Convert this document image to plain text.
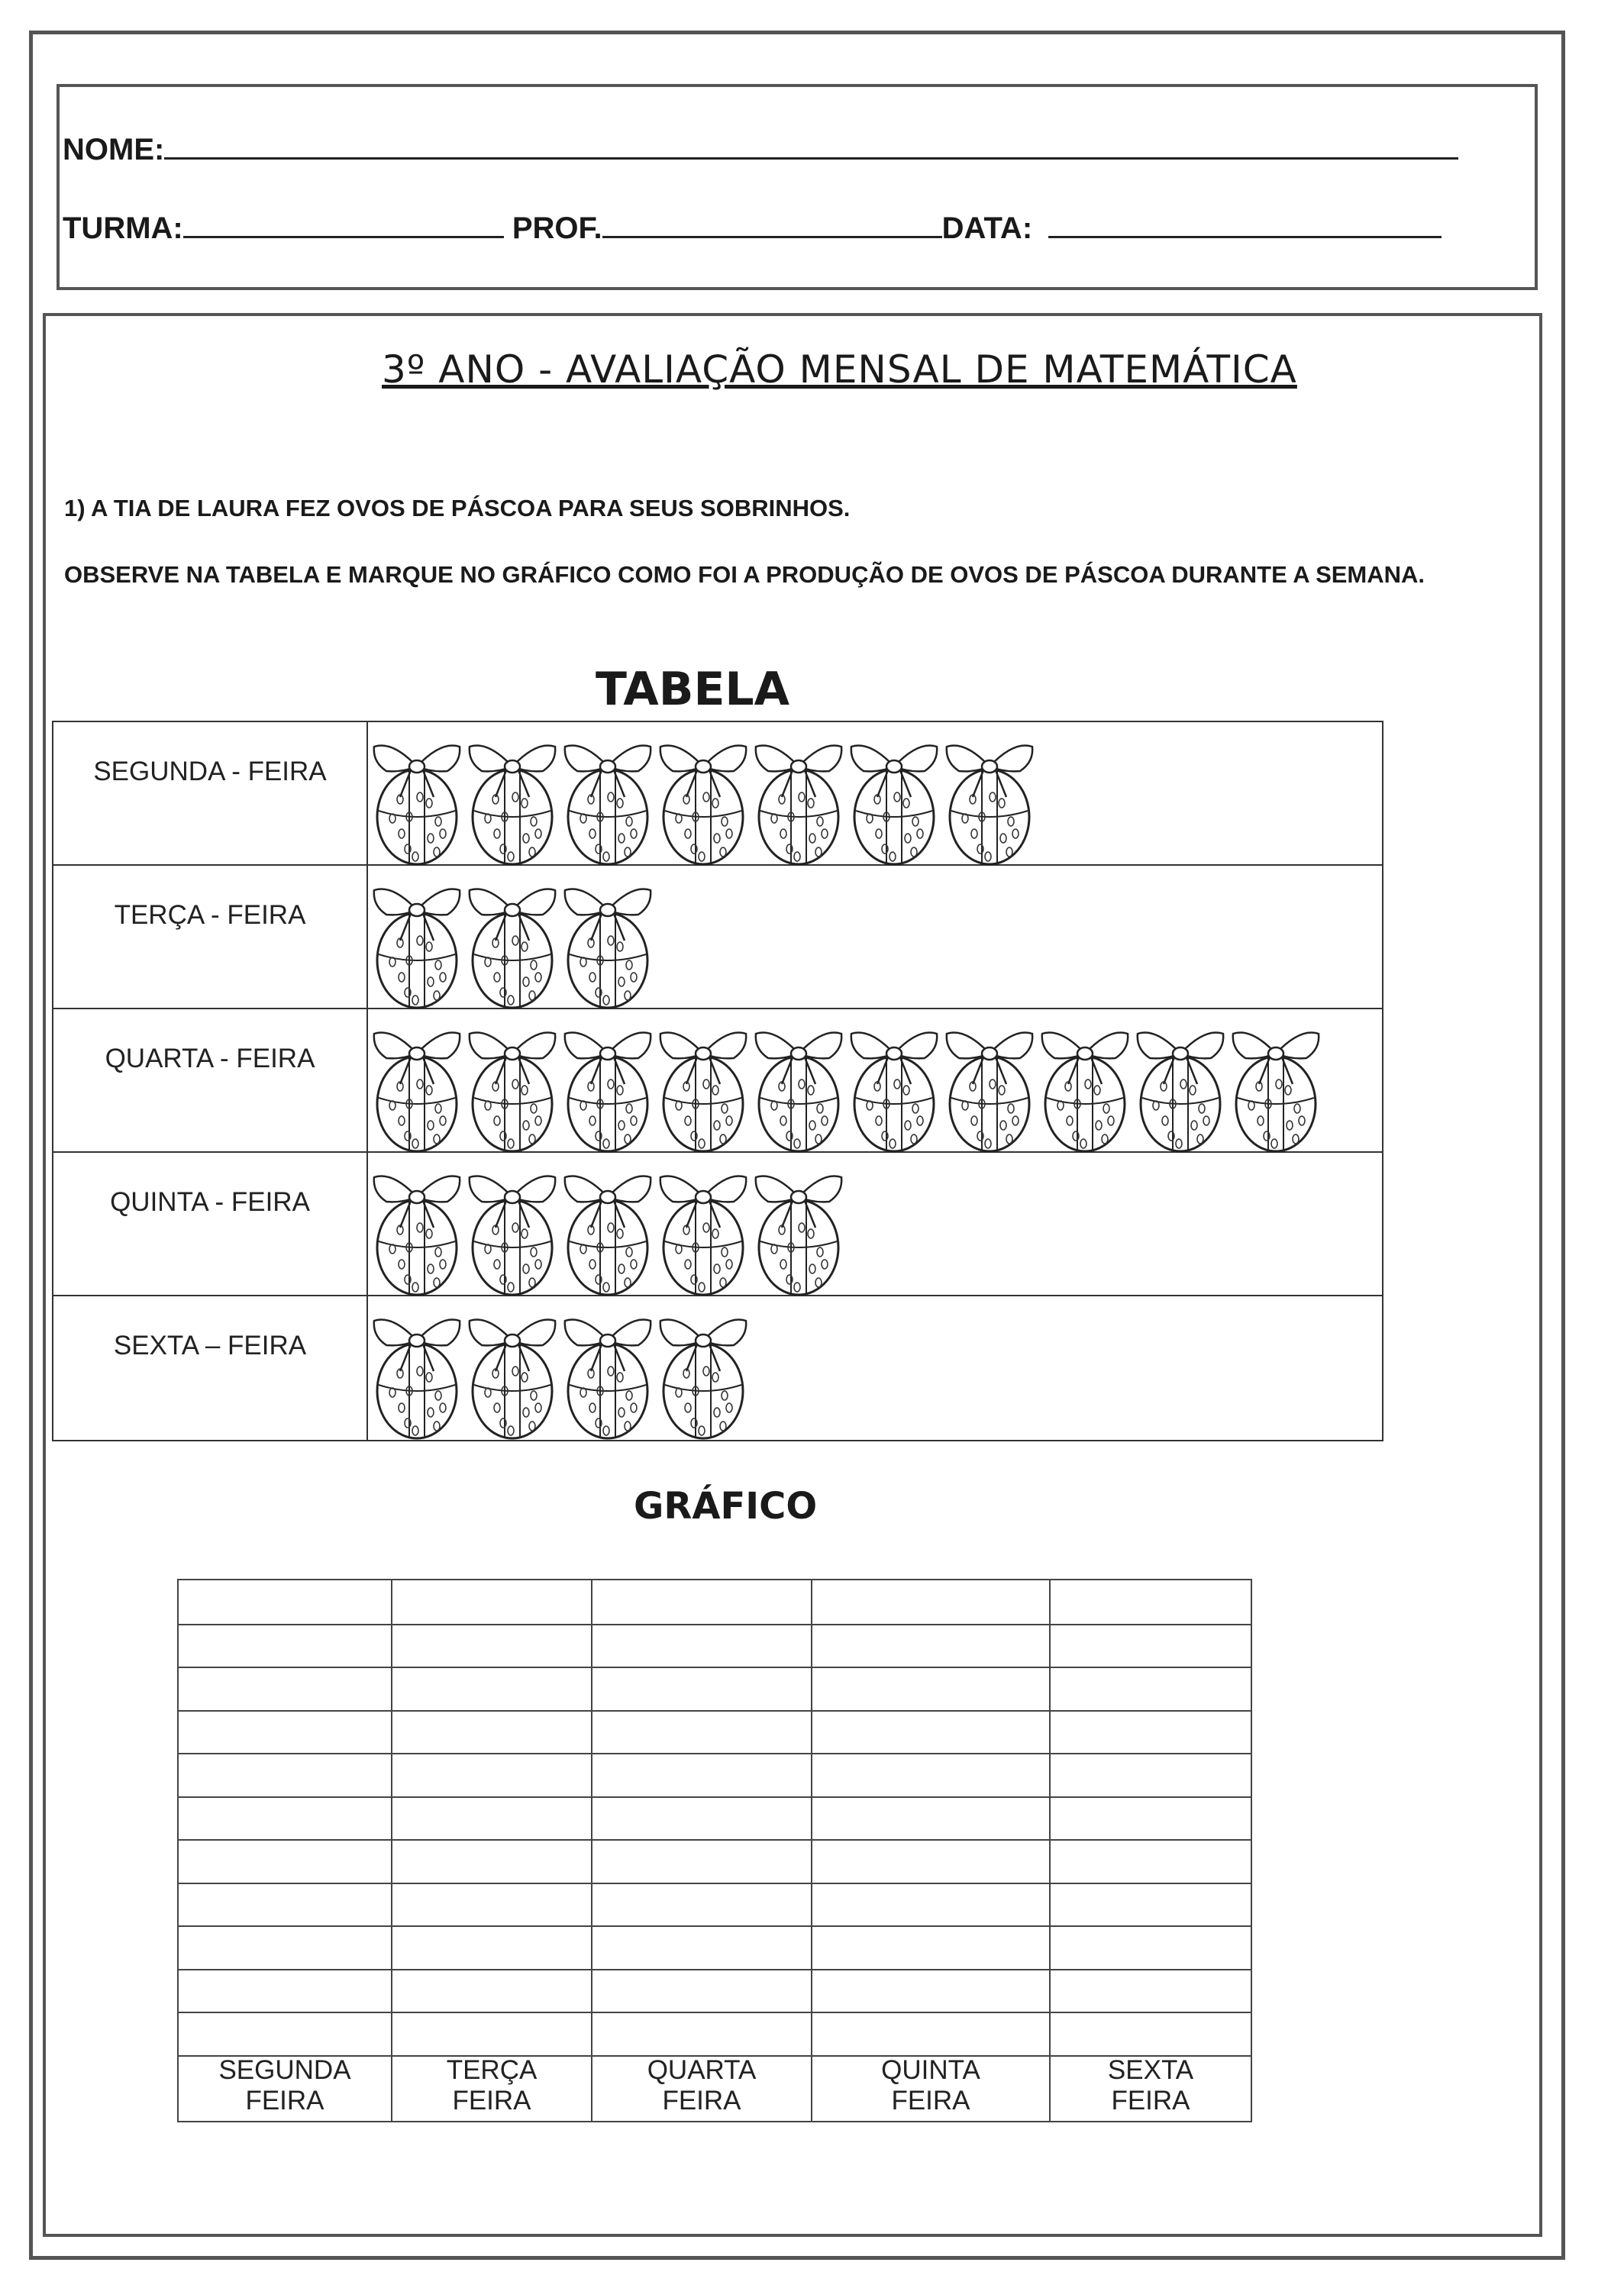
NOME:
TURMA:	PROF.	DATA:
3º ANO - AVALIAÇÃO MENSAL DE MATEMÁTICA
1) A TIA DE LAURA FEZ OVOS DE PÁSCOA PARA SEUS SOBRINHOS.
OBSERVE NA TABELA E MARQUE NO GRÁFICO COMO FOI A PRODUÇÃO DE OVOS DE PÁSCOA DURANTE A SEMANA.
TABELA
SEGUNDA - FEIRA
TERÇA - FEIRA
QUARTA - FEIRA
QUINTA - FEIRA
SEXTA – FEIRA
GRÁFICO
SEGUNDA
FEIRA
TERÇA
FEIRA
QUARTA
FEIRA
QUINTA
FEIRA
SEXTA
FEIRA
